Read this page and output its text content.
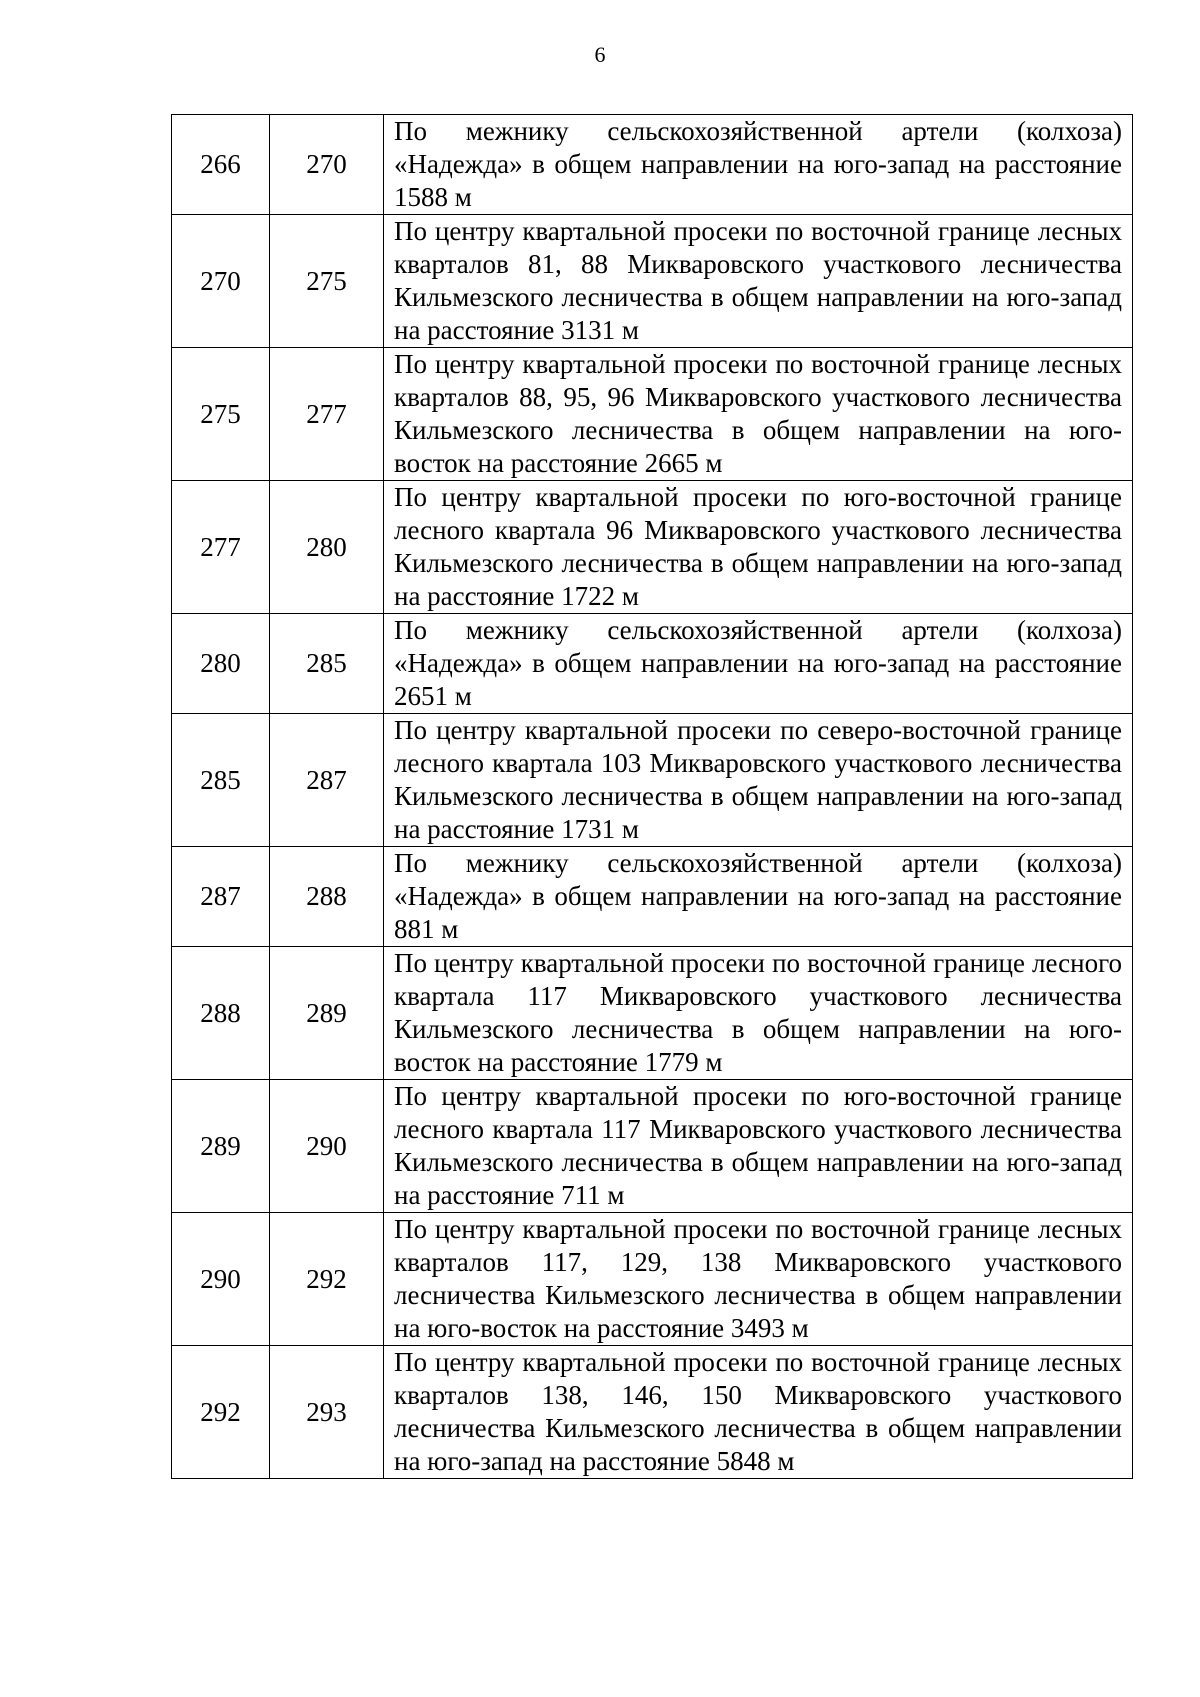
6
266	270	По межнику сельскохозяйственной артели (колхоза) «Надежда» в общем направлении на юго-запад на расстояние 1588 м
270	275	По центру квартальной просеки по восточной границе лесных кварталов 81, 88 Микваровского участкового лесничества Кильмезского лесничества в общем направлении на юго-запад на расстояние 3131 м
275	277	По центру квартальной просеки по восточной границе лесных кварталов 88, 95, 96 Микваровского участкового лесничества Кильмезского лесничества в общем направлении на юго-восток на расстояние 2665 м
277	280	По центру квартальной просеки по юго-восточной границе лесного квартала 96 Микваровского участкового лесничества Кильмезского лесничества в общем направлении на юго-запад на расстояние 1722 м
280	285	По межнику сельскохозяйственной артели (колхоза) «Надежда» в общем направлении на юго-запад на расстояние 2651 м
285	287	По центру квартальной просеки по северо-восточной границе лесного квартала 103 Микваровского участкового лесничества Кильмезского лесничества в общем направлении на юго-запад на расстояние 1731 м
287	288	По межнику сельскохозяйственной артели (колхоза) «Надежда» в общем направлении на юго-запад на расстояние 881 м
288	289	По центру квартальной просеки по восточной границе лесного квартала 117 Микваровского участкового лесничества Кильмезского лесничества в общем направлении на юго-восток на расстояние 1779 м
289	290	По центру квартальной просеки по юго-восточной границе лесного квартала 117 Микваровского участкового лесничества Кильмезского лесничества в общем направлении на юго-запад на расстояние 711 м
290	292	По центру квартальной просеки по восточной границе лесных кварталов 117, 129, 138 Микваровского участкового лесничества Кильмезского лесничества в общем направлении на юго-восток на расстояние 3493 м
292	293	По центру квартальной просеки по восточной границе лесных кварталов 138, 146, 150 Микваровского участкового лесничества Кильмезского лесничества в общем направлении на юго-запад на расстояние 5848 м
